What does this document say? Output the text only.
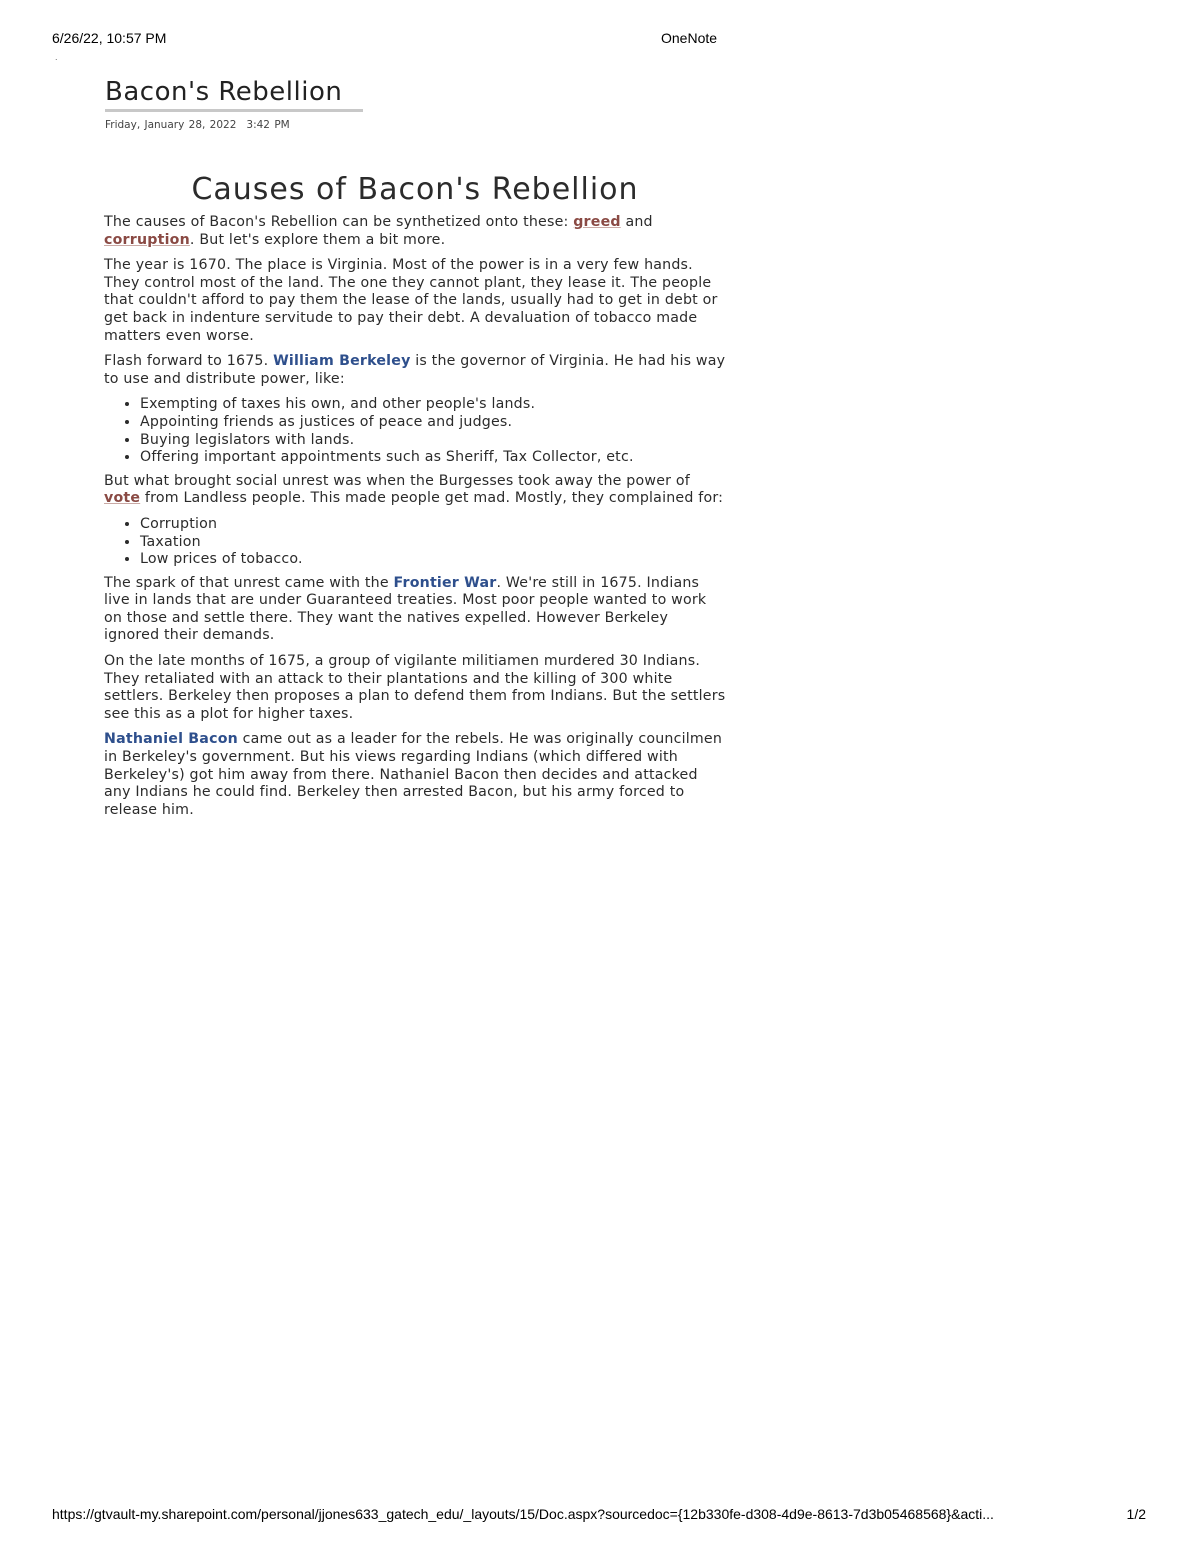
6/26/22, 10:57 PM	OneNote
.
Bacon's Rebellion
Friday, January 28, 2022 3:42 PM
Causes of Bacon's Rebellion

The causes of Bacon's Rebellion can be synthetized onto these: greed and corruption. But let's explore them a bit more.

The year is 1670. The place is Virginia. Most of the power is in a very few hands. They control most of the land. The one they cannot plant, they lease it. The people that couldn't afford to pay them the lease of the lands, usually had to get in debt or get back in indenture servitude to pay their debt. A devaluation of tobacco made matters even worse.

Flash forward to 1675. William Berkeley is the governor of Virginia. He had his way to use and distribute power, like:

• Exempting of taxes his own, and other people's lands.
• Appointing friends as justices of peace and judges.
• Buying legislators with lands.
• Offering important appointments such as Sheriff, Tax Collector, etc.

But what brought social unrest was when the Burgesses took away the power of vote from Landless people. This made people get mad. Mostly, they complained for:

• Corruption
• Taxation
• Low prices of tobacco.

The spark of that unrest came with the Frontier War. We're still in 1675. Indians live in lands that are under Guaranteed treaties. Most poor people wanted to work on those and settle there. They want the natives expelled. However Berkeley ignored their demands.

On the late months of 1675, a group of vigilante militiamen murdered 30 Indians. They retaliated with an attack to their plantations and the killing of 300 white settlers. Berkeley then proposes a plan to defend them from Indians. But the settlers see this as a plot for higher taxes.

Nathaniel Bacon came out as a leader for the rebels. He was originally councilmen in Berkeley's government. But his views regarding Indians (which differed with Berkeley's) got him away from there. Nathaniel Bacon then decides and attacked any Indians he could find. Berkeley then arrested Bacon, but his army forced to release him.

https://gtvault-my.sharepoint.com/personal/jjones633_gatech_edu/_layouts/15/Doc.aspx?sourcedoc={12b330fe-d308-4d9e-8613-7d3b05468568}&acti...	1/2
